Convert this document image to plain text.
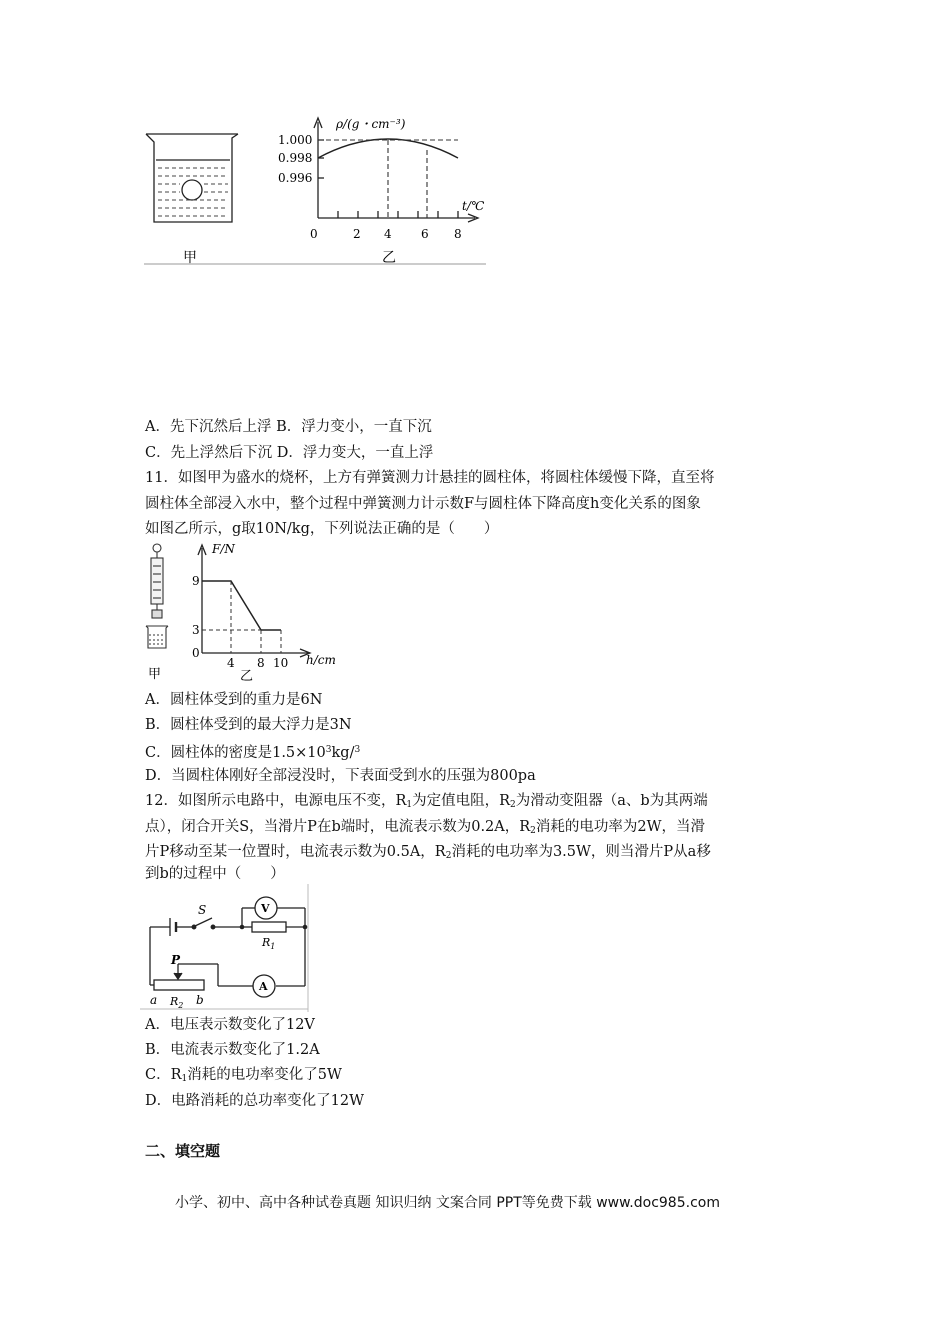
甲
ρ/(g・cm⁻³)
t/℃
1.000
0.998
0.996
0	2 4 6 8
乙
A．先下沉然后上浮 B．浮力变小，一直下沉
C．先上浮然后下沉 D．浮力变大，一直上浮
11．如图甲为盛水的烧杯，上方有弹簧测力计悬挂的圆柱体，将圆柱体缓慢下降，直至将
圆柱体全部浸入水中，整个过程中弹簧测力计示数F与圆柱体下降高度h变化关系的图象
如图乙所示，g取10N/kg，下列说法正确的是（　　）
甲
F/N
h/cm
9
3
0
4 8 10
乙
A．圆柱体受到的重力是6N
B．圆柱体受到的最大浮力是3N
C．圆柱体的密度是$1.5\times 10^3kg/^3$
D．当圆柱体刚好全部浸没时，下表面受到水的压强为800pa
12．如图所示电路中，电源电压不变，$R_1$为定值电阻，$R_2$为滑动变阻器（a、b为其两端
点），闭合开关S，当滑片P在b端时，电流表示数为0.2A，$R_2$消耗的电功率为2W，当滑
片P移动至某一位置时，电流表示数为0.5A，$R_2$消耗的电功率为3.5W，则当滑片P从a移
到b的过程中（　　）
S	V
A
$R_1$
P
a $R_2$ b
A．电压表示数变化了12V
B．电流表示数变化了1.2A
C．$R_1$消耗的电功率变化了5W
D．电路消耗的总功率变化了12W
二、填空题
小学、初中、高中各种试卷真题 知识归纳 文案合同 PPT等免费下载 www.doc985.com
